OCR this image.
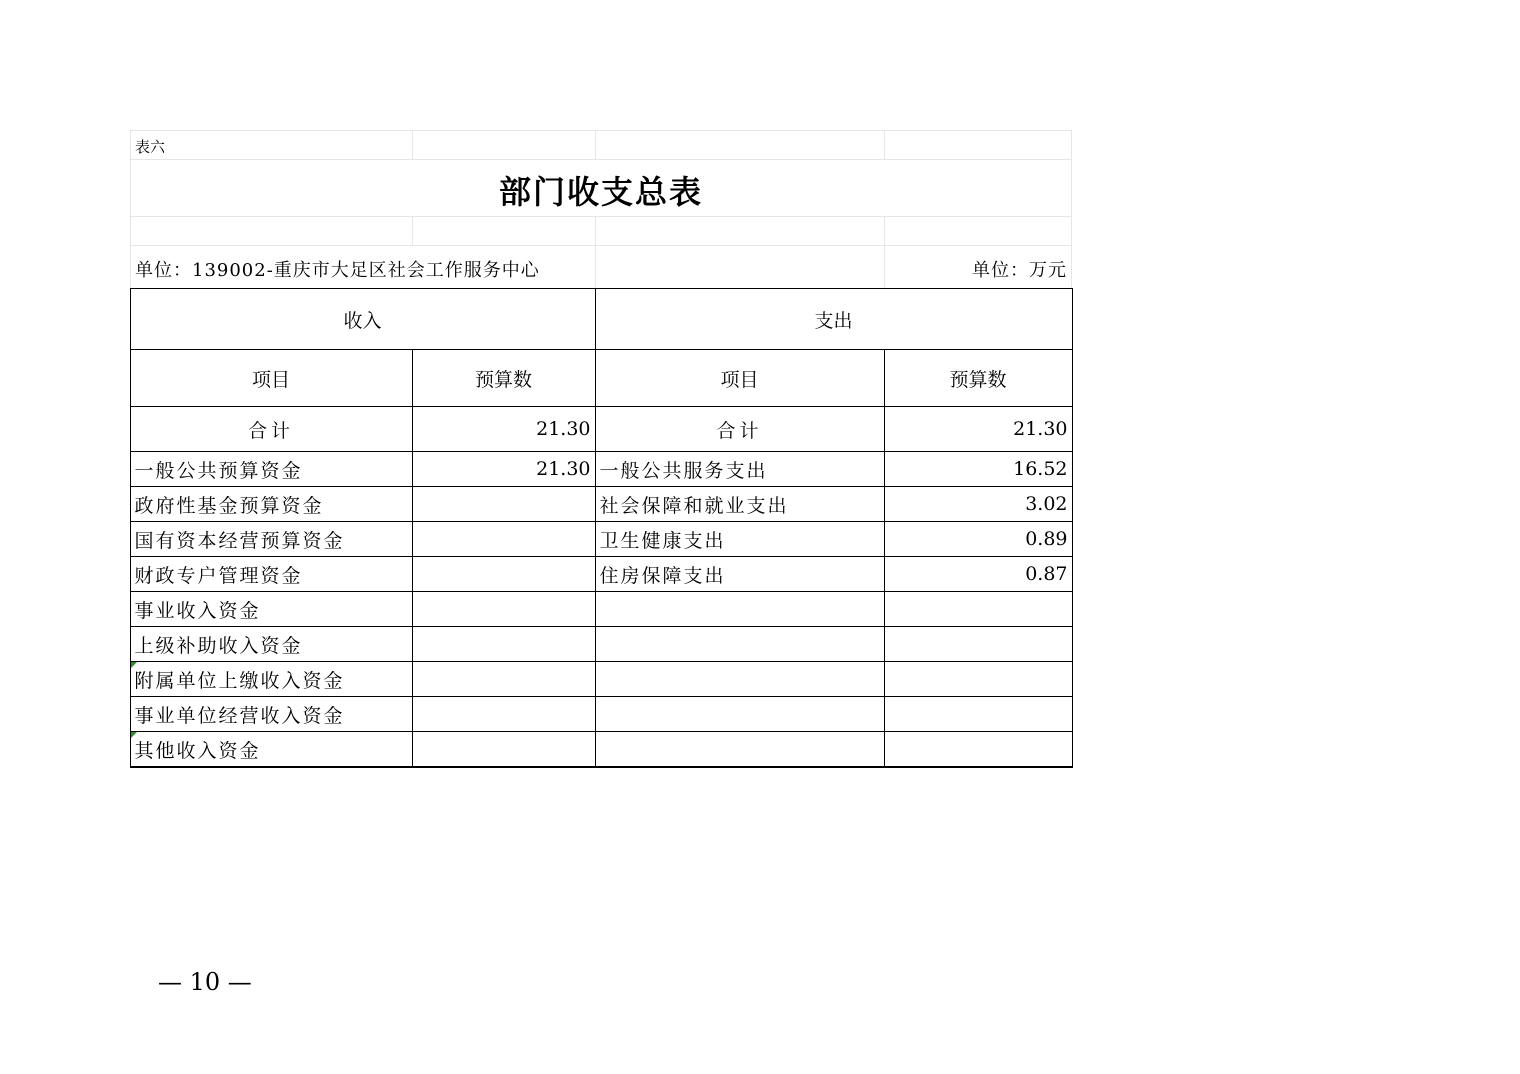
表六
部门收支总表
单位：139002-重庆市大足区社会工作服务中心	单位：万元
收入		支出	
项目	预算数	项目	预算数
合计	21.30	合计	21.30
一般公共预算资金	21.30	一般公共服务支出	16.52
政府性基金预算资金		社会保障和就业支出	3.02
国有资本经营预算资金		卫生健康支出	0.89
财政专户管理资金		住房保障支出	0.87
事业收入资金			
上级补助收入资金			
附属单位上缴收入资金			
事业单位经营收入资金			
其他收入资金			
— 10 —
